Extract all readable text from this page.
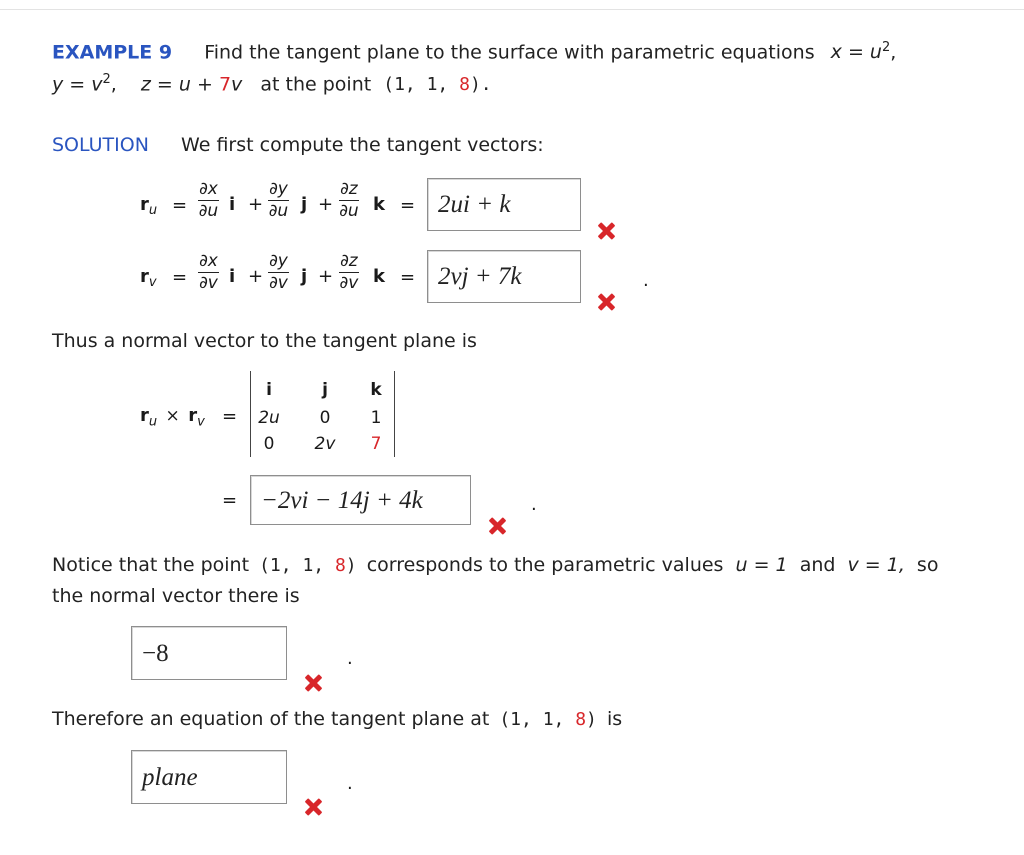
EXAMPLE 9 Find the tangent plane to the surface with parametric equations $x = u^2$,
$y = v^2$, z = u + 7v at the point (1, 1, 8).
SOLUTION We first compute the tangent vectors:
$r_u$ =
∂x
∂u i +
∂y
∂u j +
∂z
∂u k = 2ui + k
$r_v$ =
∂x
∂v i +
∂y
∂v j +
∂z
∂v k = 2vj + 7k	.
Thus a normal vector to the tangent plane is
$r_u \times r_v$ =
i	j	k
2u	0	1
0	2v	7
= −2vi − 14j + 4k	.
Notice that the point (1, 1, 8) corresponds to the parametric values u = 1 and v = 1, so
the normal vector there is
−8	.
Therefore an equation of the tangent plane at (1, 1, 8) is
plane	.
